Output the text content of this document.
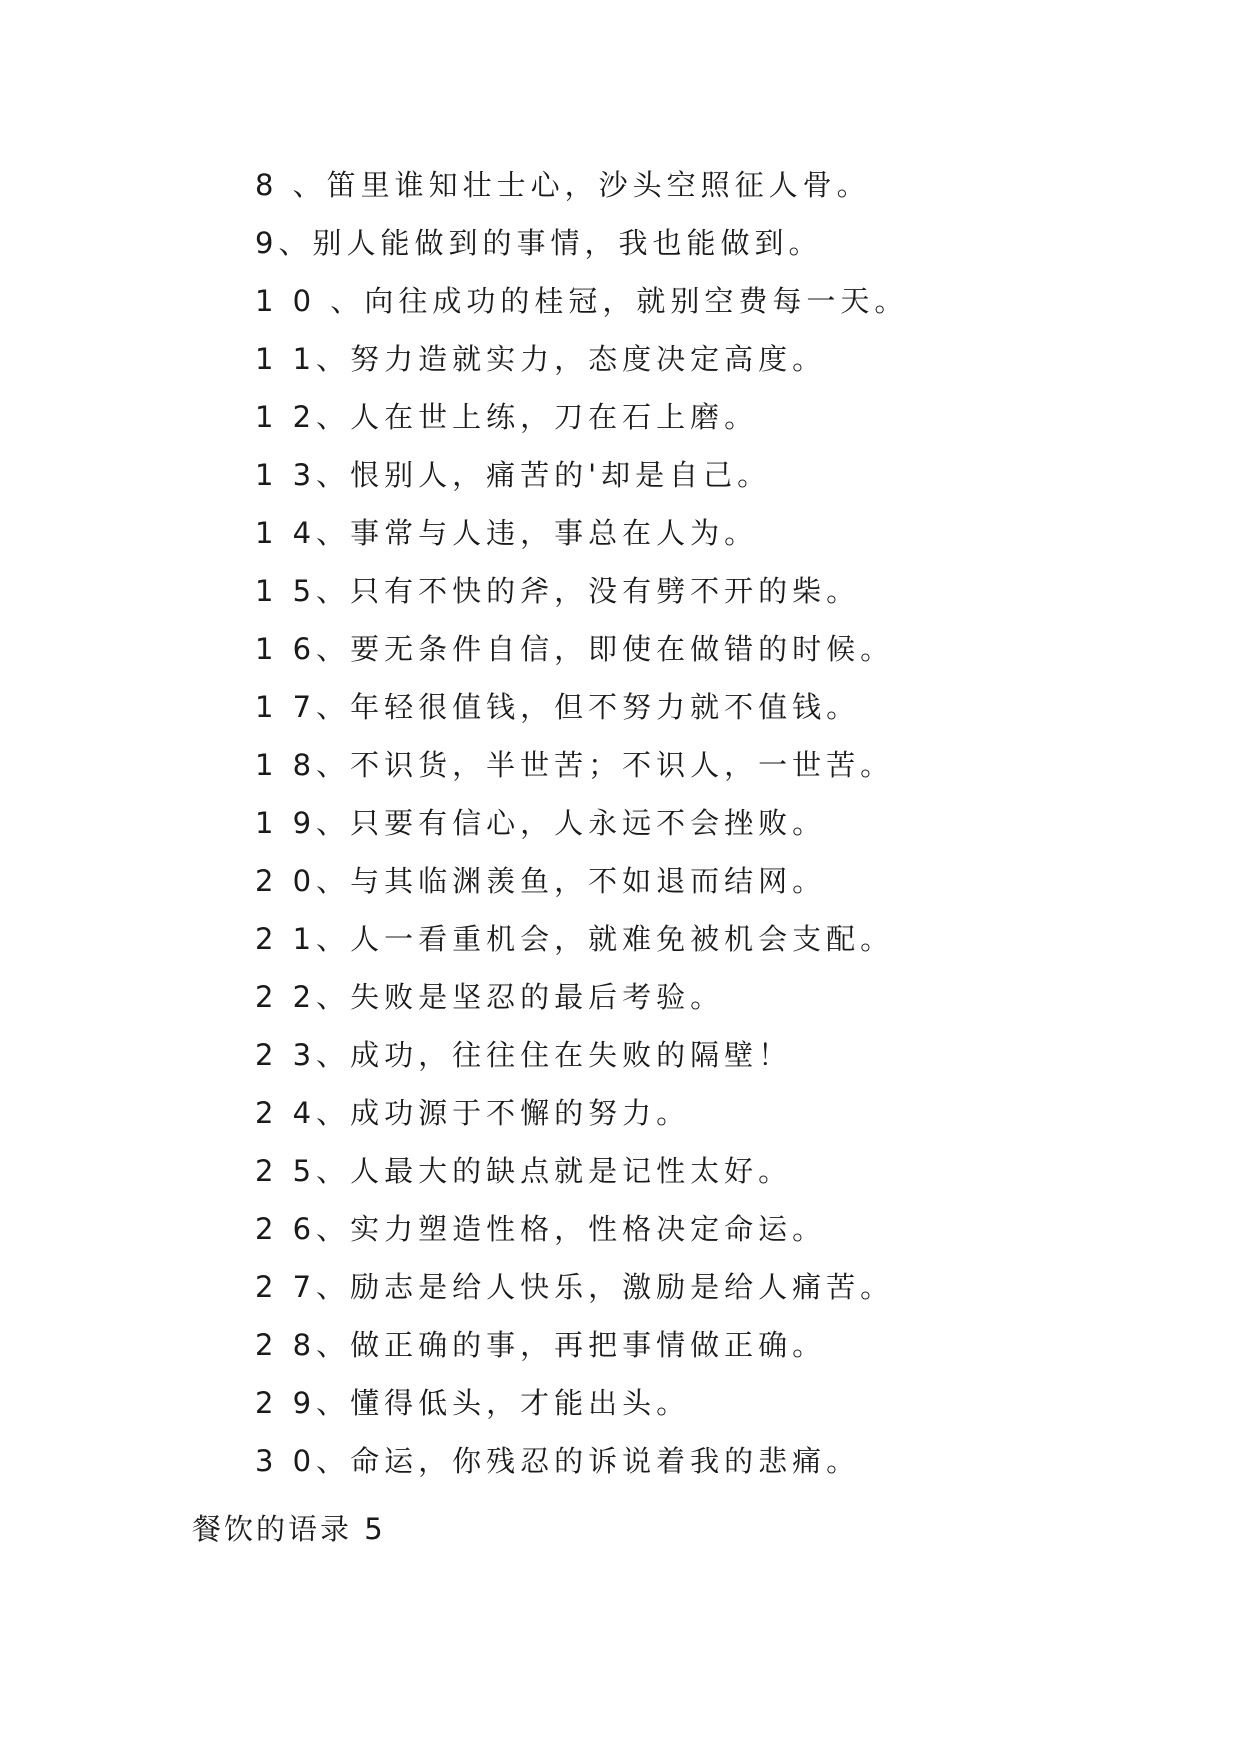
8 、笛里谁知壮士心，沙头空照征人骨。
9、别人能做到的事情，我也能做到。
1 0 、向往成功的桂冠，就别空费每一天。
1 1、努力造就实力，态度决定高度。
1 2、人在世上练，刀在石上磨。
1 3、恨别人，痛苦的'却是自己。
1 4、事常与人违，事总在人为。
1 5、只有不快的斧，没有劈不开的柴。
1 6、要无条件自信，即使在做错的时候。
1 7、年轻很值钱，但不努力就不值钱。
1 8、不识货，半世苦；不识人，一世苦。
1 9、只要有信心，人永远不会挫败。
2 0、与其临渊羡鱼，不如退而结网。
2 1、人一看重机会，就难免被机会支配。
2 2、失败是坚忍的最后考验。
2 3、成功，往往住在失败的隔壁！
2 4、成功源于不懈的努力。
2 5、人最大的缺点就是记性太好。
2 6、实力塑造性格，性格决定命运。
2 7、励志是给人快乐，激励是给人痛苦。
2 8、做正确的事，再把事情做正确。
2 9、懂得低头，才能出头。
3 0、命运，你残忍的诉说着我的悲痛。
餐饮的语录 5
